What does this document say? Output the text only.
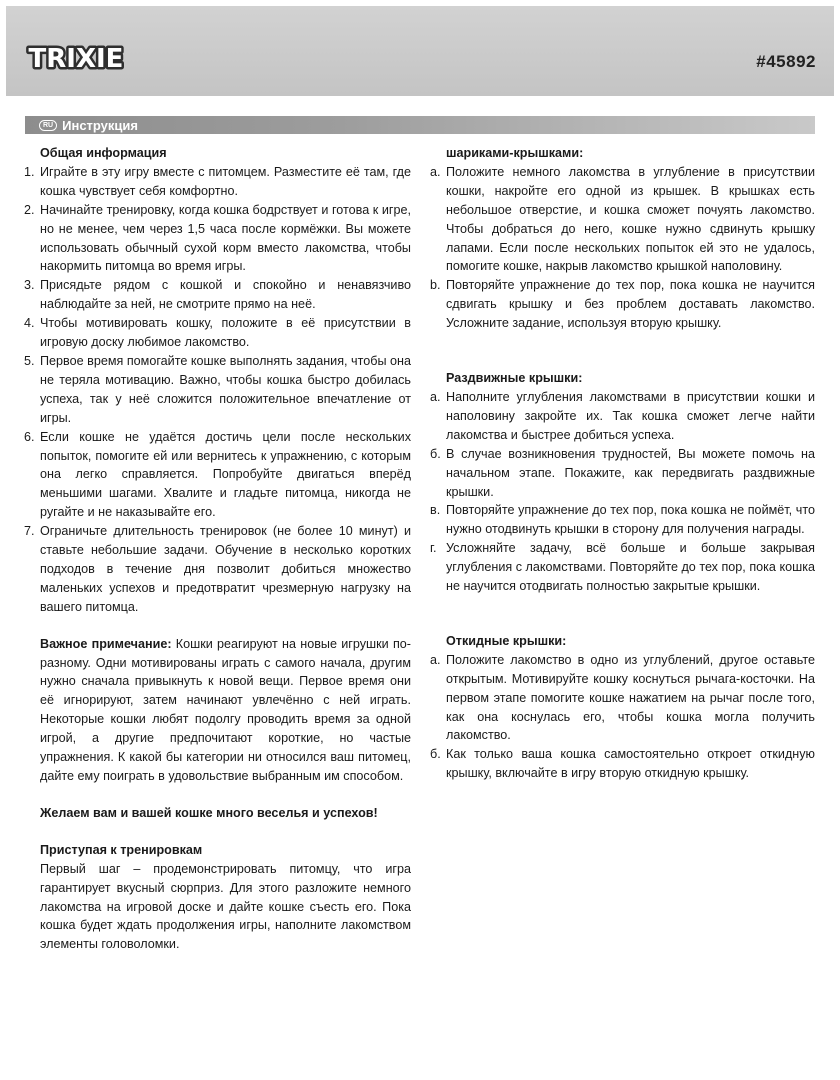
TRIXIE	#45892
RU Инструкция
Общая информация
1. Играйте в эту игру вместе с питомцем. Разместите её там, где кошка чувствует себя комфортно.
2. Начинайте тренировку, когда кошка бодрствует и готова к игре, но не менее, чем через 1,5 часа после кормёжки. Вы можете использовать обычный сухой корм вместо лакомства, чтобы накормить питомца во время игры.
3. Присядьте рядом с кошкой и спокойно и ненавязчиво наблюдайте за ней, не смотрите прямо на неё.
4. Чтобы мотивировать кошку, положите в её присутствии в игровую доску любимое лакомство.
5. Первое время помогайте кошке выполнять задания, чтобы она не теряла мотивацию. Важно, чтобы кошка быстро добилась успеха, так у неё сложится положительное впечатление от игры.
6. Если кошке не удаётся достичь цели после нескольких попыток, помогите ей или вернитесь к упражнению, с которым она легко справляется. Попробуйте двигаться вперёд меньшими шагами. Хвалите и гладьте питомца, никогда не ругайте и не наказывайте его.
7. Ограничьте длительность тренировок (не более 10 минут) и ставьте небольшие задачи. Обучение в несколько коротких подходов в течение дня позволит добиться множество маленьких успехов и предотвратит чрезмерную нагрузку на вашего питомца.
Важное примечание: Кошки реагируют на новые игрушки по-разному. Одни мотивированы играть с самого начала, другим нужно сначала привыкнуть к новой вещи. Первое время они её игнорируют, затем начинают увлечённо с ней играть. Некоторые кошки любят подолгу проводить время за одной игрой, а другие предпочитают короткие, но частые упражнения. К какой бы категории ни относился ваш питомец, дайте ему поиграть в удовольствие выбранным им способом.
Желаем вам и вашей кошке много веселья и успехов!
Приступая к тренировкам
Первый шаг – продемонстрировать питомцу, что игра гарантирует вкусный сюрприз. Для этого разложите немного лакомства на игровой доске и дайте кошке съесть его. Пока кошка будет ждать продолжения игры, наполните лакомством элементы головоломки.
шариками-крышками:
a. Положите немного лакомства в углубление в присутствии кошки, накройте его одной из крышек. В крышках есть небольшое отверстие, и кошка сможет почуять лакомство. Чтобы добраться до него, кошке нужно сдвинуть крышку лапами. Если после нескольких попыток ей это не удалось, помогите кошке, накрыв лакомство крышкой наполовину.
b. Повторяйте упражнение до тех пор, пока кошка не научится сдвигать крышку и без проблем доставать лакомство. Усложните задание, используя вторую крышку.
Раздвижные крышки:
a. Наполните углубления лакомствами в присутствии кошки и наполовину закройте их. Так кошка сможет легче найти лакомства и быстрее добиться успеха.
б. В случае возникновения трудностей, Вы можете помочь на начальном этапе. Покажите, как передвигать раздвижные крышки.
в. Повторяйте упражнение до тех пор, пока кошка не поймёт, что нужно отодвинуть крышки в сторону для получения награды.
г. Усложняйте задачу, всё больше и больше закрывая углубления с лакомствами. Повторяйте до тех пор, пока кошка не научится отодвигать полностью закрытые крышки.
Откидные крышки:
a. Положите лакомство в одно из углублений, другое оставьте открытым. Мотивируйте кошку коснуться рычага-косточки. На первом этапе помогите кошке нажатием на рычаг после того, как она коснулась его, чтобы кошка могла получить лакомство.
б. Как только ваша кошка самостоятельно откроет откидную крышку, включайте в игру вторую откидную крышку.
